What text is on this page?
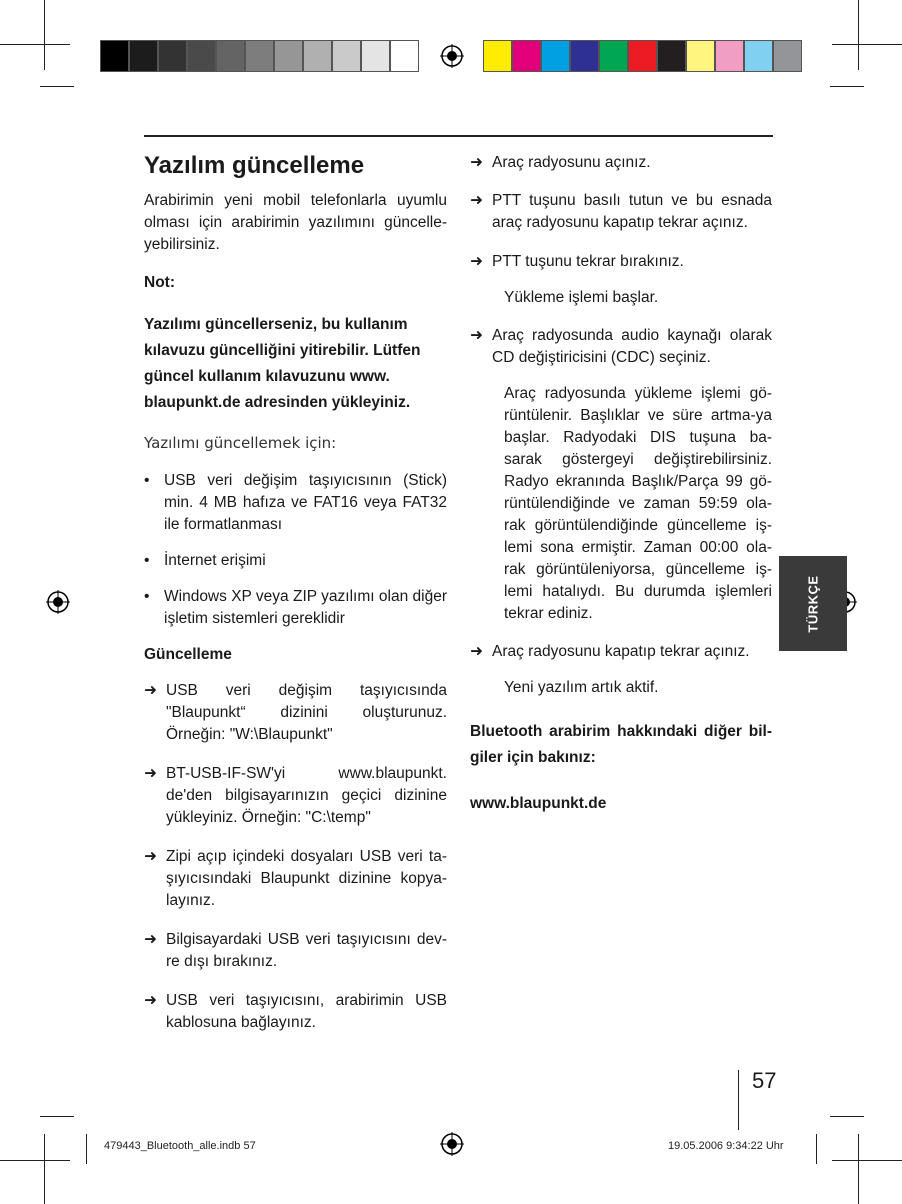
Yazılım güncelleme

Arabirimin yeni mobil telefonlarla uyumlu olması için arabirimin yazılımını güncelle-yebilirsiniz.

Not:

Yazılımı güncellerseniz, bu kullanım kılavuzu güncelliğini yitirebilir. Lütfen güncel kullanım kılavuzunu www. blaupunkt.de adresinden yükleyiniz.

Yazılımı güncellemek için:

• USB veri değişim taşıyıcısının (Stick) min. 4 MB hafıza ve FAT16 veya FAT32 ile formatlanması
• İnternet erişimi
• Windows XP veya ZIP yazılımı olan diğer işletim sistemleri gereklidir

Güncelleme

➜ USB veri değişim taşıyıcısında "Blaupunkt“ dizinini oluşturunuz. Örneğin: "W:\Blaupunkt"
➜ BT-USB-IF-SW'yi www.blaupunkt. de'den bilgisayarınızın geçici dizinine yükleyiniz. Örneğin: "C:\temp"
➜ Zipi açıp içindeki dosyaları USB veri ta-şıyıcısındaki Blaupunkt dizinine kopya-layınız.
➜ Bilgisayardaki USB veri taşıyıcısını dev-re dışı bırakınız.
➜ USB veri taşıyıcısını, arabirimin USB kablosuna bağlayınız.
➜ Araç radyosunu açınız.
➜ PTT tuşunu basılı tutun ve bu esnada araç radyosunu kapatıp tekrar açınız.
➜ PTT tuşunu tekrar bırakınız.

Yükleme işlemi başlar.

➜ Araç radyosunda audio kaynağı olarak CD değiştiricisini (CDC) seçiniz.

Araç radyosunda yükleme işlemi gö-rüntülenir. Başlıklar ve süre artma-ya başlar. Radyodaki DIS tuşuna ba-sarak göstergeyi değiştirebilirsiniz. Radyo ekranında Başlık/Parça 99 gö-rüntülendiğinde ve zaman 59:59 ola-rak görüntülendiğinde güncelleme iş-lemi sona ermiştir. Zaman 00:00 ola-rak görüntüleniyorsa, güncelleme iş-lemi hatalıydı. Bu durumda işlemleri tekrar ediniz.

➜ Araç radyosunu kapatıp tekrar açınız.

Yeni yazılım artık aktif.

Bluetooth arabirim hakkındaki diğer bil-giler için bakınız:

www.blaupunkt.de

TÜRKÇE
57
479443_Bluetooth_alle.indb 57	19.05.2006 9:34:22 Uhr
